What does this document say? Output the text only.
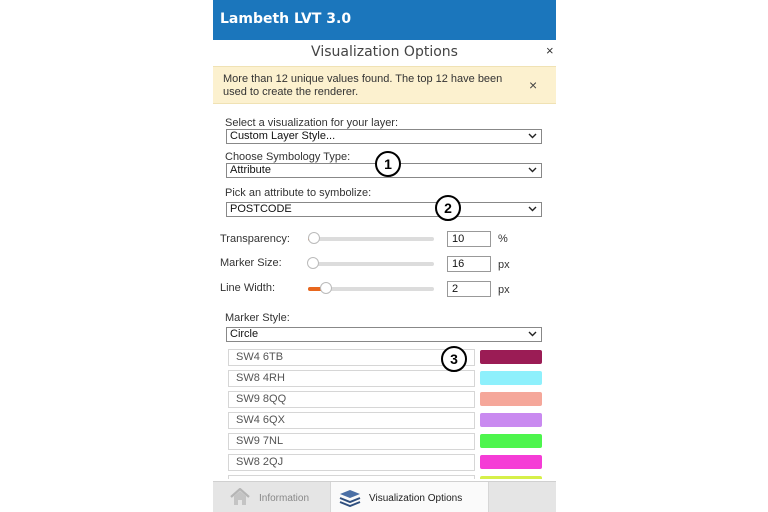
Lambeth LVT 3.0
Visualization Options	×
More than 12 unique values found. The top 12 have been used to create the renderer.	×
Select a visualization for your layer:
Custom Layer Style...
Choose Symbology Type:
Attribute	1
Pick an attribute to symbolize:
POSTCODE	2
Transparency:
10	%
Marker Size:
16	px
Line Width:
2	px
Marker Style:
Circle
SW4 6TB
SW8 4RH
SW9 8QQ
SW4 6QX
SW9 7NL
SW8 2QJ
3
Information	Visualization Options
